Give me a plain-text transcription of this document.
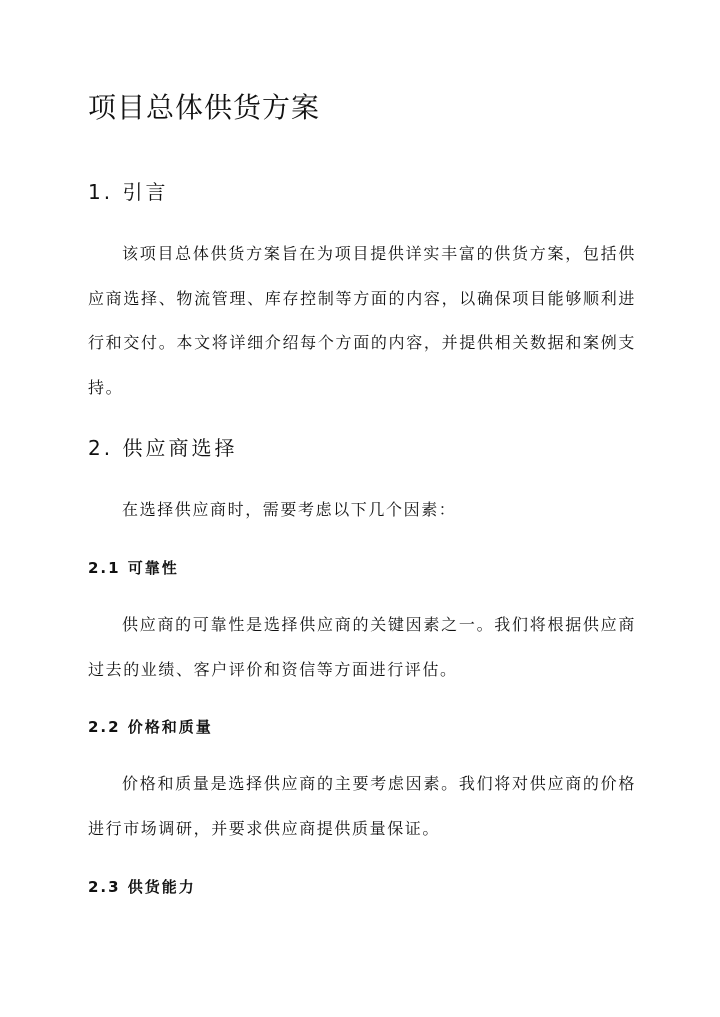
项目总体供货方案
1. 引言

该项目总体供货方案旨在为项目提供详实丰富的供货方案，包括供应商选择、物流管理、库存控制等方面的内容，以确保项目能够顺利进行和交付。本文将详细介绍每个方面的内容，并提供相关数据和案例支持。

2. 供应商选择

在选择供应商时，需要考虑以下几个因素：

2.1 可靠性

供应商的可靠性是选择供应商的关键因素之一。我们将根据供应商过去的业绩、客户评价和资信等方面进行评估。

2.2 价格和质量

价格和质量是选择供应商的主要考虑因素。我们将对供应商的价格进行市场调研，并要求供应商提供质量保证。

2.3 供货能力
